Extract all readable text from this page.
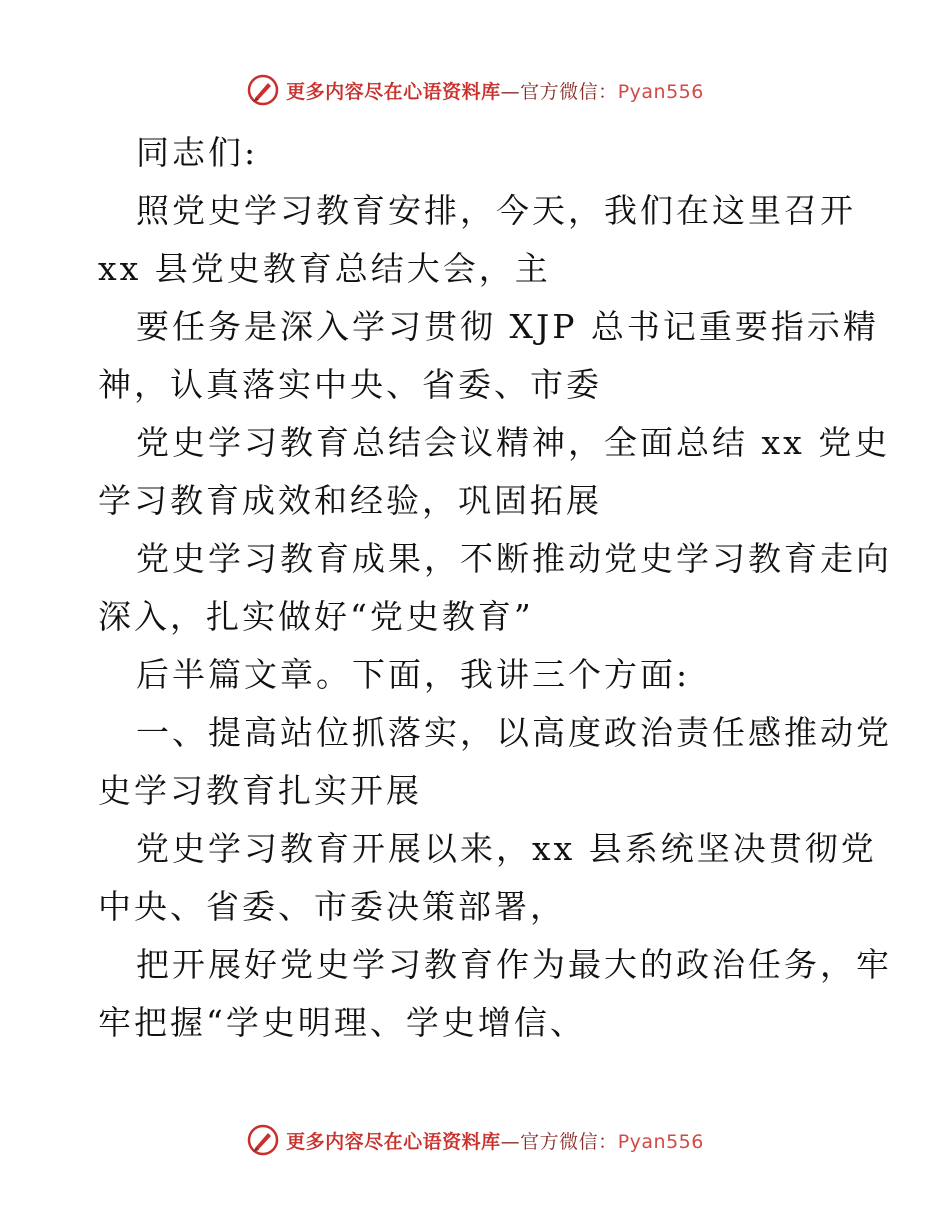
更多内容尽在心语资料库—官方微信：Pyan556
同志们:
照党史学习教育安排，今天，我们在这里召开
xx 县党史教育总结大会，主
要任务是深入学习贯彻 XJP 总书记重要指示精
神，认真落实中央、省委、市委
党史学习教育总结会议精神，全面总结 xx 党史
学习教育成效和经验，巩固拓展
党史学习教育成果，不断推动党史学习教育走向
深入，扎实做好“党史教育”
后半篇文章。下面，我讲三个方面:
一、提高站位抓落实，以高度政治责任感推动党
史学习教育扎实开展
党史学习教育开展以来，xx 县系统坚决贯彻党
中央、省委、市委决策部署，
把开展好党史学习教育作为最大的政治任务，牢
牢把握“学史明理、学史增信、
更多内容尽在心语资料库—官方微信：Pyan556
